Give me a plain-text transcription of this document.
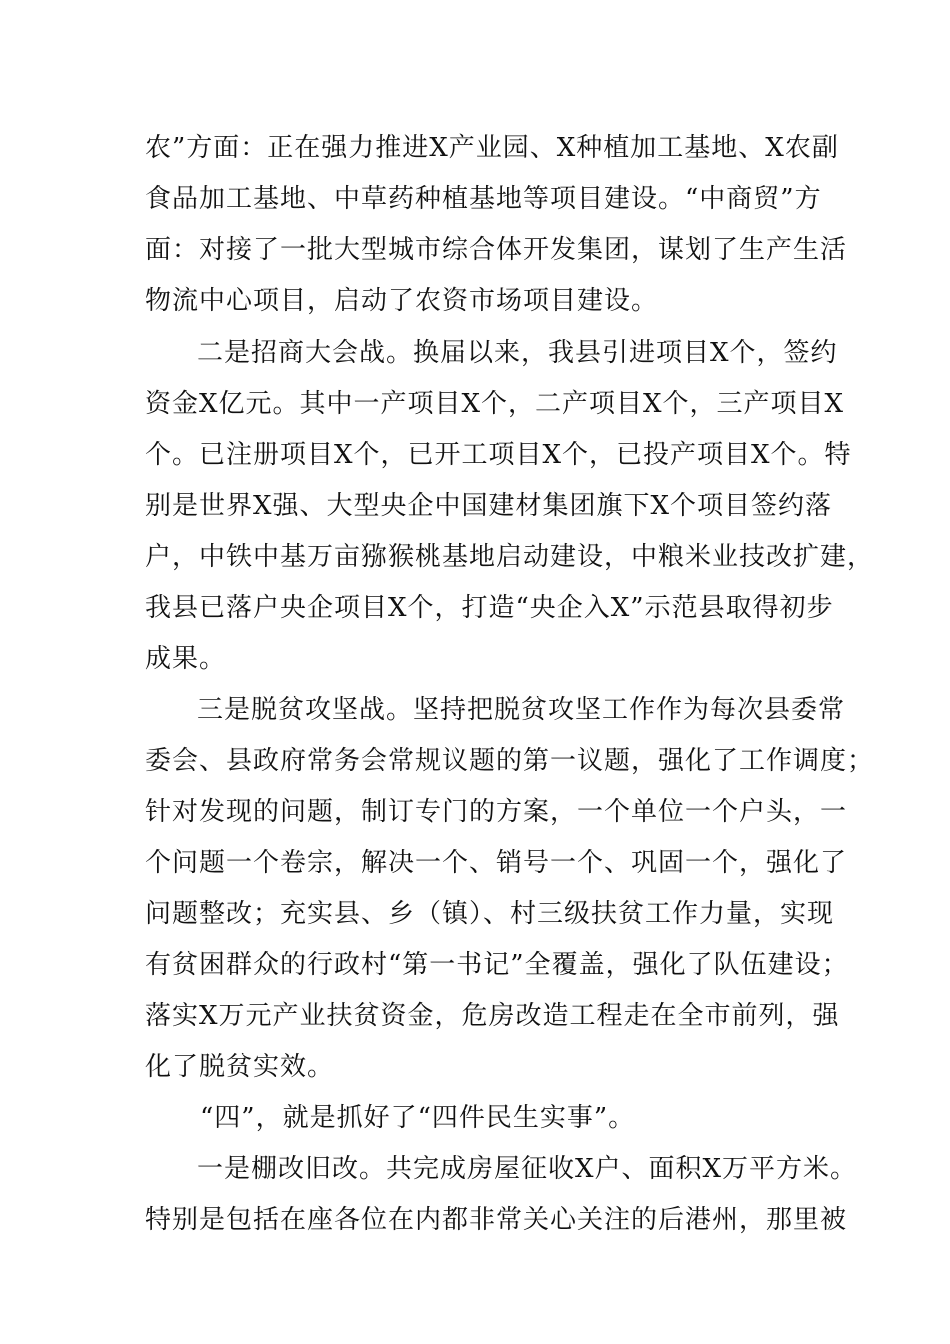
农”方面：正在强力推进X产业园、X种植加工基地、X农副
食品加工基地、中草药种植基地等项目建设。“中商贸”方
面：对接了一批大型城市综合体开发集团，谋划了生产生活
物流中心项目，启动了农资市场项目建设。
二是招商大会战。换届以来，我县引进项目X个，签约
资金X亿元。其中一产项目X个，二产项目X个，三产项目X
个。已注册项目X个，已开工项目X个，已投产项目X个。特
别是世界X强、大型央企中国建材集团旗下X个项目签约落
户，中铁中基万亩猕猴桃基地启动建设，中粮米业技改扩建，
我县已落户央企项目X个，打造“央企入X”示范县取得初步
成果。
三是脱贫攻坚战。坚持把脱贫攻坚工作作为每次县委常
委会、县政府常务会常规议题的第一议题，强化了工作调度；
针对发现的问题，制订专门的方案，一个单位一个户头，一
个问题一个卷宗，解决一个、销号一个、巩固一个，强化了
问题整改；充实县、乡（镇）、村三级扶贫工作力量，实现
有贫困群众的行政村“第一书记”全覆盖，强化了队伍建设；
落实X万元产业扶贫资金，危房改造工程走在全市前列，强
化了脱贫实效。
“四”，就是抓好了“四件民生实事”。
一是棚改旧改。共完成房屋征收X户、面积X万平方米。
特别是包括在座各位在内都非常关心关注的后港州，那里被
